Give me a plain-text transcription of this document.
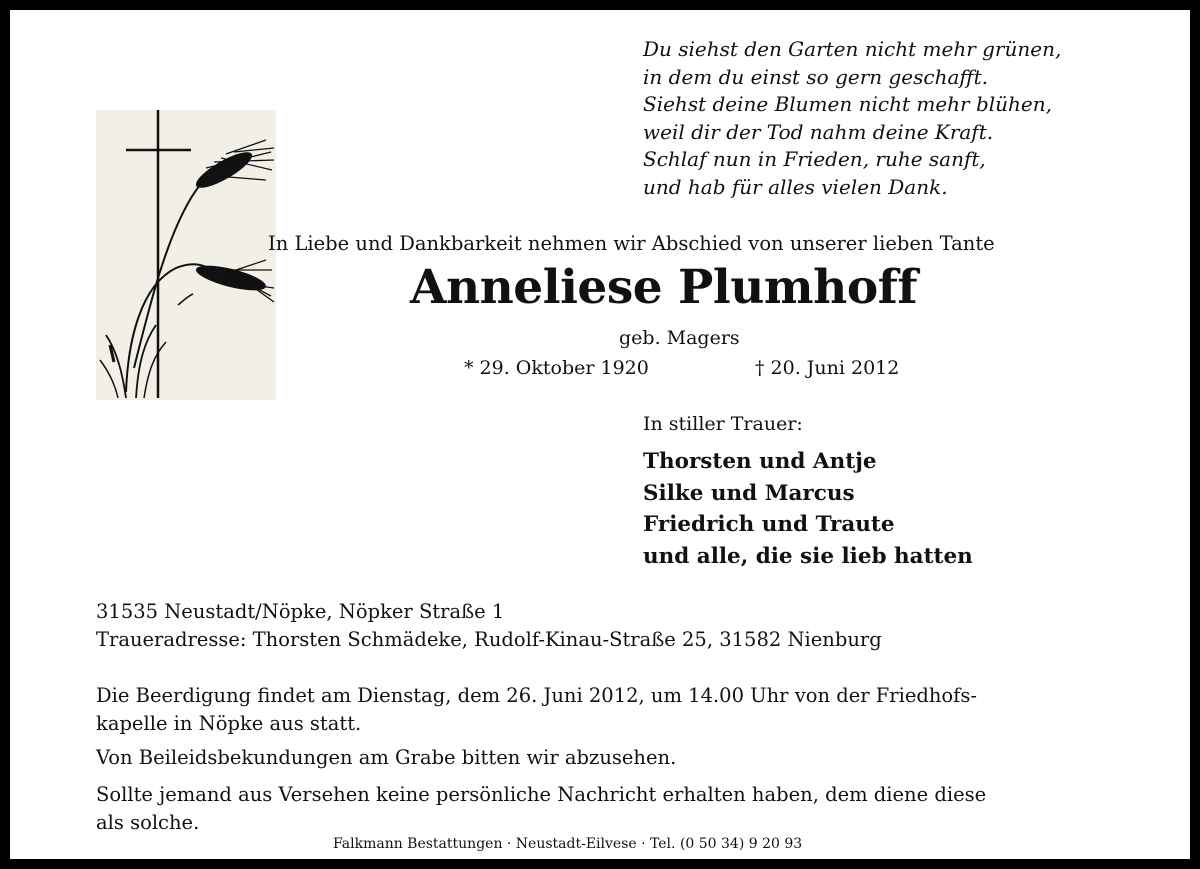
Du siehst den Garten nicht mehr grünen,
in dem du einst so gern geschafft.
Siehst deine Blumen nicht mehr blühen,
weil dir der Tod nahm deine Kraft.
Schlaf nun in Frieden, ruhe sanft,
und hab für alles vielen Dank.
In Liebe und Dankbarkeit nehmen wir Abschied von unserer lieben Tante
Anneliese Plumhoff
geb. Magers
* 29. Oktober 1920	† 20. Juni 2012
In stiller Trauer:
Thorsten und Antje
Silke und Marcus
Friedrich und Traute
und alle, die sie lieb hatten
31535 Neustadt/Nöpke, Nöpker Straße 1
Traueradresse: Thorsten Schmädeke, Rudolf-Kinau-Straße 25, 31582 Nienburg
Die Beerdigung findet am Dienstag, dem 26. Juni 2012, um 14.00 Uhr von der Friedhofs-
kapelle in Nöpke aus statt.
Von Beileidsbekundungen am Grabe bitten wir abzusehen.
Sollte jemand aus Versehen keine persönliche Nachricht erhalten haben, dem diene diese
als solche.
Falkmann Bestattungen · Neustadt-Eilvese · Tel. (0 50 34) 9 20 93
